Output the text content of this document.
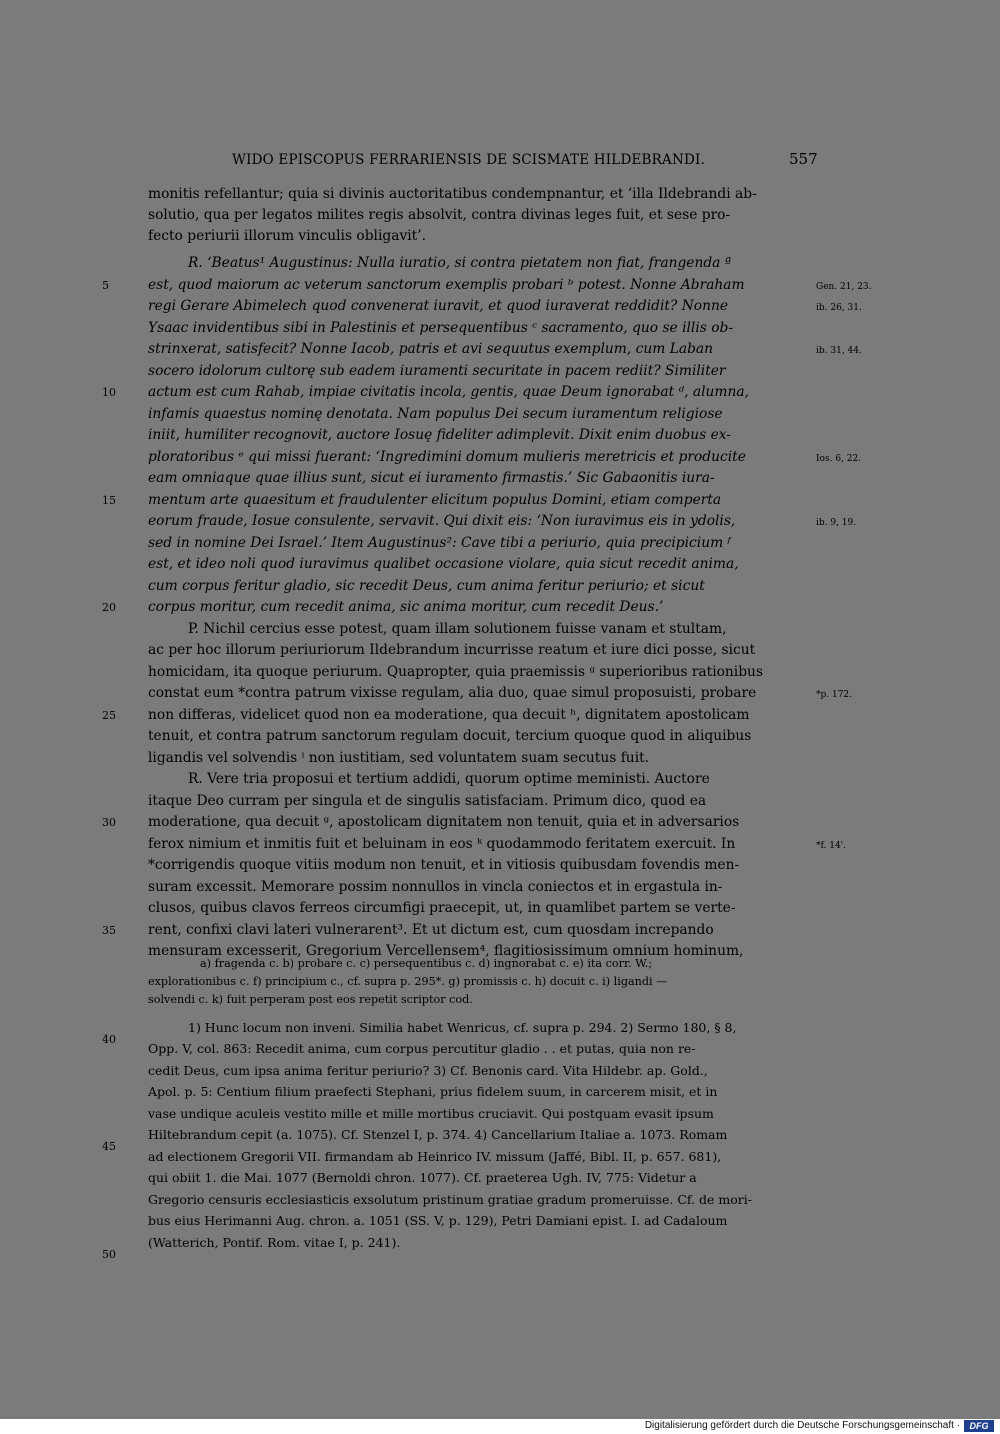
WIDO EPISCOPUS FERRARIENSIS DE SCISMATE HILDEBRANDI.	557
monitis refellantur; quia si divinis auctoritatibus condempnantur, et ‘illa Ildebrandi ab-
solutio, qua per legatos milites regis absolvit, contra divinas leges fuit, et sese pro-
fecto periurii illorum vinculis obligavit’.
R. ‘Beatus¹ Augustinus: Nulla iuratio, si contra pietatem non fiat, frangenda ª
est, quod maiorum ac veterum sanctorum exemplis probari ᵇ potest. Nonne Abraham
regi Gerare Abimelech quod convenerat iuravit, et quod iuraverat reddidit? Nonne
Ysaac invidentibus sibi in Palestinis et persequentibus ᶜ sacramento, quo se illis ob-
strinxerat, satisfecit? Nonne Iacob, patris et avi sequutus exemplum, cum Laban
socero idolorum cultorę sub eadem iuramenti securitate in pacem rediit? Similiter
actum est cum Rahab, impiae civitatis incola, gentis, quae Deum ignorabat ᵈ, alumna,
infamis quaestus nominę denotata. Nam populus Dei secum iuramentum religiose
iniit, humiliter recognovit, auctore Iosuę fideliter adimplevit. Dixit enim duobus ex-
ploratoribus ᵉ qui missi fuerant: ‘Ingredimini domum mulieris meretricis et producite
eam omniaque quae illius sunt, sicut ei iuramento firmastis.’ Sic Gabaonitis iura-
mentum arte quaesitum et fraudulenter elicitum populus Domini, etiam comperta
eorum fraude, Iosue consulente, servavit. Qui dixit eis: ‘Non iuravimus eis in ydolis,
sed in nomine Dei Israel.’ Item Augustinus²: Cave tibi a periurio, quia precipicium ᶠ
est, et ideo noli quod iuravimus qualibet occasione violare, quia sicut recedit anima,
cum corpus feritur gladio, sic recedit Deus, cum anima feritur periurio; et sicut
corpus moritur, cum recedit anima, sic anima moritur, cum recedit Deus.’
P. Nichil cercius esse potest, quam illam solutionem fuisse vanam et stultam,
ac per hoc illorum periuriorum Ildebrandum incurrisse reatum et iure dici posse, sicut
homicidam, ita quoque periurum. Quapropter, quia praemissis ᵍ superioribus rationibus
constat eum *contra patrum vixisse regulam, alia duo, quae simul proposuisti, probare
non differas, videlicet quod non ea moderatione, qua decuit ʰ, dignitatem apostolicam
tenuit, et contra patrum sanctorum regulam docuit, tercium quoque quod in aliquibus
ligandis vel solvendis ⁱ non iustitiam, sed voluntatem suam secutus fuit.
R. Vere tria proposui et tertium addidi, quorum optime meministi. Auctore
itaque Deo curram per singula et de singulis satisfaciam. Primum dico, quod ea
moderatione, qua decuit ᵍ, apostolicam dignitatem non tenuit, quia et in adversarios
ferox nimium et inmitis fuit et beluinam in eos ᵏ quodammodo feritatem exercuit. In
*corrigendis quoque vitiis modum non tenuit, et in vitiosis quibusdam fovendis men-
suram excessit. Memorare possim nonnullos in vincla coniectos et in ergastula in-
clusos, quibus clavos ferreos circumfigi praecepit, ut, in quamlibet partem se verte-
rent, confixi clavi lateri vulnerarent³. Et ut dictum est, cum quosdam increpando
mensuram excesserit, Gregorium Vercellensem⁴, flagitiosissimum omnium hominum,
5
10
15
20
25
30
35
40
45
50
Gen. 21, 23.
ib. 26, 31.
ib. 31, 44.
Ios. 6, 22.
ib. 9, 19.
*p. 172.
*f. 14'.
a) fragenda c. b) probare c. c) persequentibus c. d) ingnorabat c. e) ita corr. W.;
explorationibus c. f) principium c., cf. supra p. 295*. g) promissis c. h) docuit c. i) ligandi —
solvendi c. k) fuit perperam post eos repetit scriptor cod.
1) Hunc locum non inveni. Similia habet Wenricus, cf. supra p. 294. 2) Sermo 180, § 8,
Opp. V, col. 863: Recedit anima, cum corpus percutitur gladio . . et putas, quia non re-
cedit Deus, cum ipsa anima feritur periurio? 3) Cf. Benonis card. Vita Hildebr. ap. Gold.,
Apol. p. 5: Centium filium praefecti Stephani, prius fidelem suum, in carcerem misit, et in
vase undique aculeis vestito mille et mille mortibus cruciavit. Qui postquam evasit ipsum
Hiltebrandum cepit (a. 1075). Cf. Stenzel I, p. 374. 4) Cancellarium Italiae a. 1073. Romam
ad electionem Gregorii VII. firmandam ab Heinrico IV. missum (Jaffé, Bibl. II, p. 657. 681),
qui obiit 1. die Mai. 1077 (Bernoldi chron. 1077). Cf. praeterea Ugh. IV, 775: Videtur a
Gregorio censuris ecclesiasticis exsolutum pristinum gratiae gradum promeruisse. Cf. de mori-
bus eius Herimanni Aug. chron. a. 1051 (SS. V, p. 129), Petri Damiani epist. I. ad Cadaloum
(Watterich, Pontif. Rom. vitae I, p. 241).
Digitalisierung gefördert durch die Deutsche Forschungsgemeinschaft ·	DFG
